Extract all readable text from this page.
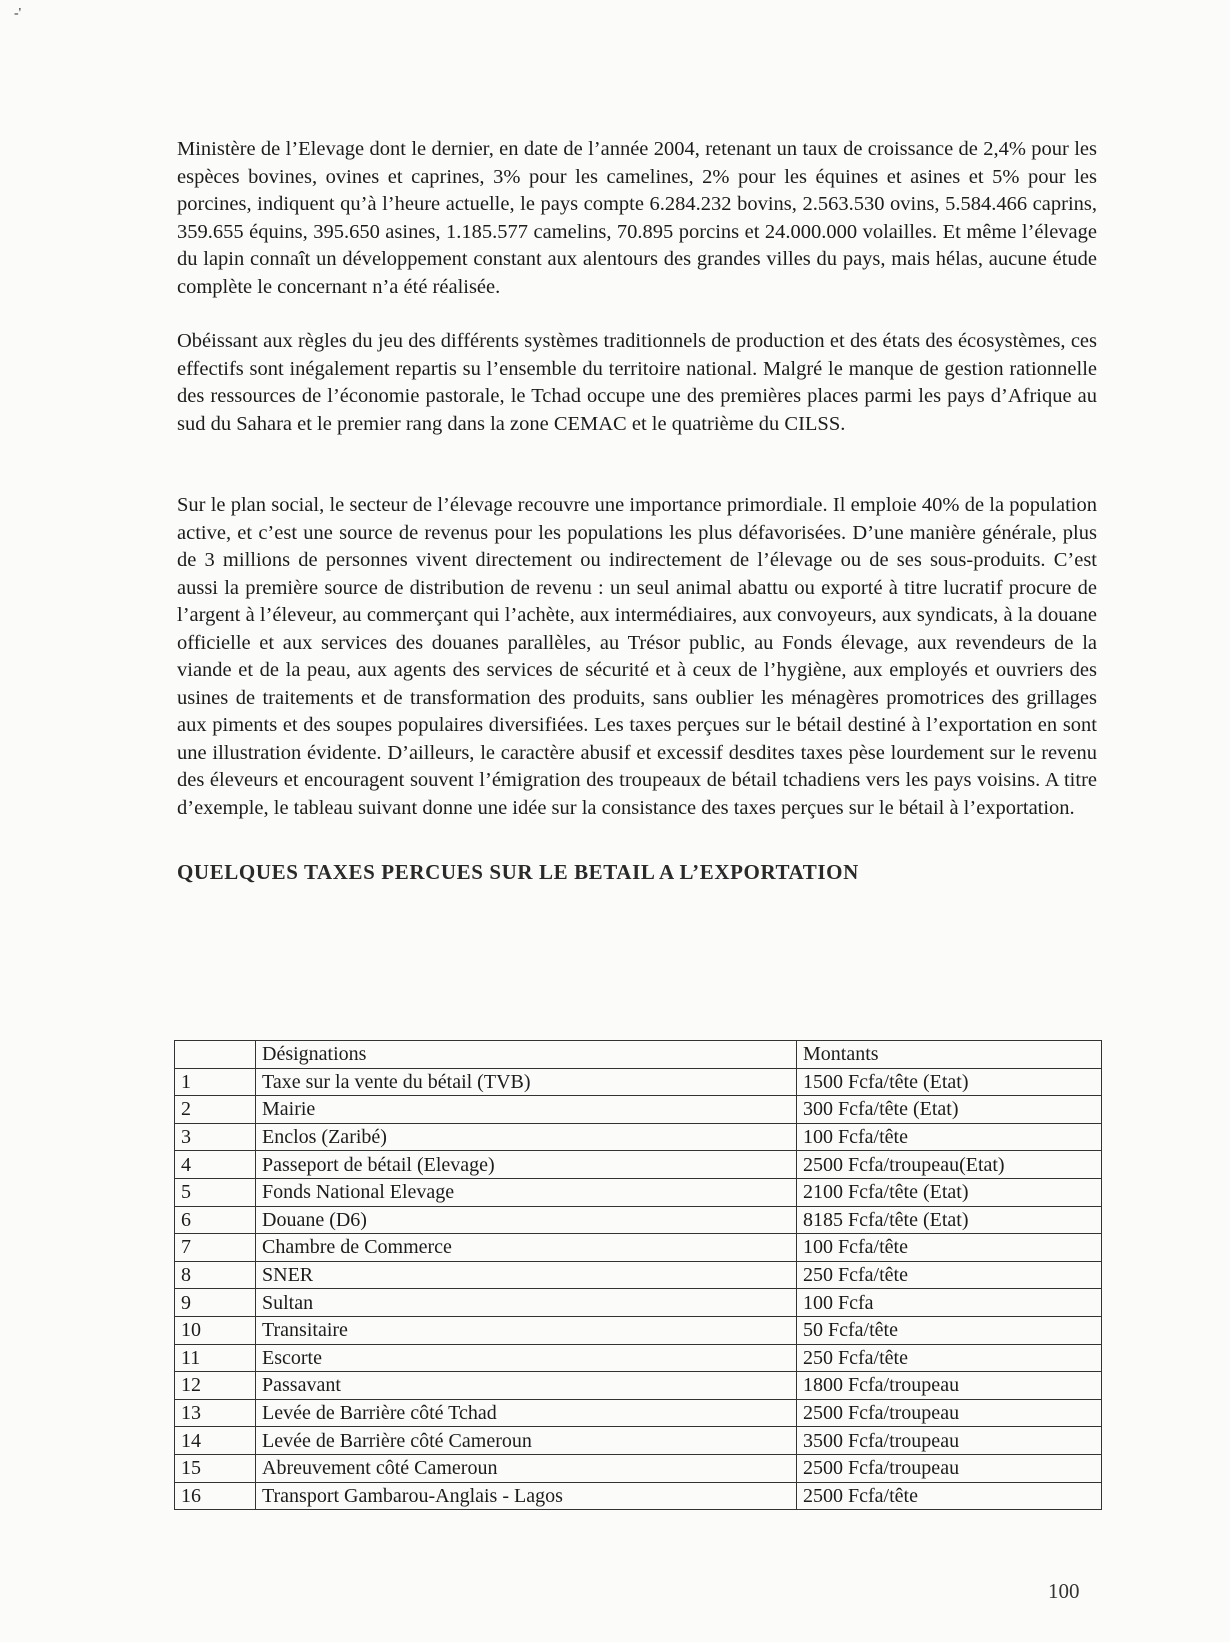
-'

Ministère de l’Elevage dont le dernier, en date de l’année 2004, retenant un taux de croissance de 2,4% pour les espèces bovines, ovines et caprines, 3% pour les camelines, 2% pour les équines et asines et 5% pour les porcines, indiquent qu’à l’heure actuelle, le pays compte 6.284.232 bovins, 2.563.530 ovins, 5.584.466 caprins, 359.655 équins, 395.650 asines, 1.185.577 camelins, 70.895 porcins et 24.000.000 volailles. Et même l’élevage du lapin connaît un développement constant aux alentours des grandes villes du pays, mais hélas, aucune étude complète le concernant n’a été réalisée.

Obéissant aux règles du jeu des différents systèmes traditionnels de production et des états des écosystèmes, ces effectifs sont inégalement repartis su l’ensemble du territoire national. Malgré le manque de gestion rationnelle des ressources de l’économie pastorale, le Tchad occupe une des premières places parmi les pays d’Afrique au sud du Sahara et le premier rang dans la zone CEMAC et le quatrième du CILSS.

Sur le plan social, le secteur de l’élevage recouvre une importance primordiale. Il emploie 40% de la population active, et c’est une source de revenus pour les populations les plus défavorisées. D’une manière générale, plus de 3 millions de personnes vivent directement ou indirectement de l’élevage ou de ses sous-produits. C’est aussi la première source de distribution de revenu : un seul animal abattu ou exporté à titre lucratif procure de l’argent à l’éleveur, au commerçant qui l’achète, aux intermédiaires, aux convoyeurs, aux syndicats, à la douane officielle et aux services des douanes parallèles, au Trésor public, au Fonds élevage, aux revendeurs de la viande et de la peau, aux agents des services de sécurité et à ceux de l’hygiène, aux employés et ouvriers des usines de traitements et de transformation des produits, sans oublier les ménagères promotrices des grillages aux piments et des soupes populaires diversifiées. Les taxes perçues sur le bétail destiné à l’exportation en sont une illustration évidente. D’ailleurs, le caractère abusif et excessif desdites taxes pèse lourdement sur le revenu des éleveurs et encouragent souvent l’émigration des troupeaux de bétail tchadiens vers les pays voisins. A titre d’exemple, le tableau suivant donne une idée sur la consistance des taxes perçues sur le bétail à l’exportation.

QUELQUES TAXES PERCUES SUR LE BETAIL A L’EXPORTATION
	Désignations	Montants
1	Taxe sur la vente du bétail (TVB)	1500 Fcfa/tête (Etat)
2	Mairie	300 Fcfa/tête (Etat)
3	Enclos (Zaribé)	100 Fcfa/tête
4	Passeport de bétail (Elevage)	2500 Fcfa/troupeau(Etat)
5	Fonds National Elevage	2100 Fcfa/tête (Etat)
6	Douane (D6)	8185 Fcfa/tête (Etat)
7	Chambre de Commerce	100 Fcfa/tête
8	SNER	250 Fcfa/tête
9	Sultan	100 Fcfa
10	Transitaire	50 Fcfa/tête
11	Escorte	250 Fcfa/tête
12	Passavant	1800 Fcfa/troupeau
13	Levée de Barrière côté Tchad	2500 Fcfa/troupeau
14	Levée de Barrière côté Cameroun	3500 Fcfa/troupeau
15	Abreuvement côté Cameroun	2500 Fcfa/troupeau
16	Transport Gambarou-Anglais - Lagos	2500 Fcfa/tête
100
